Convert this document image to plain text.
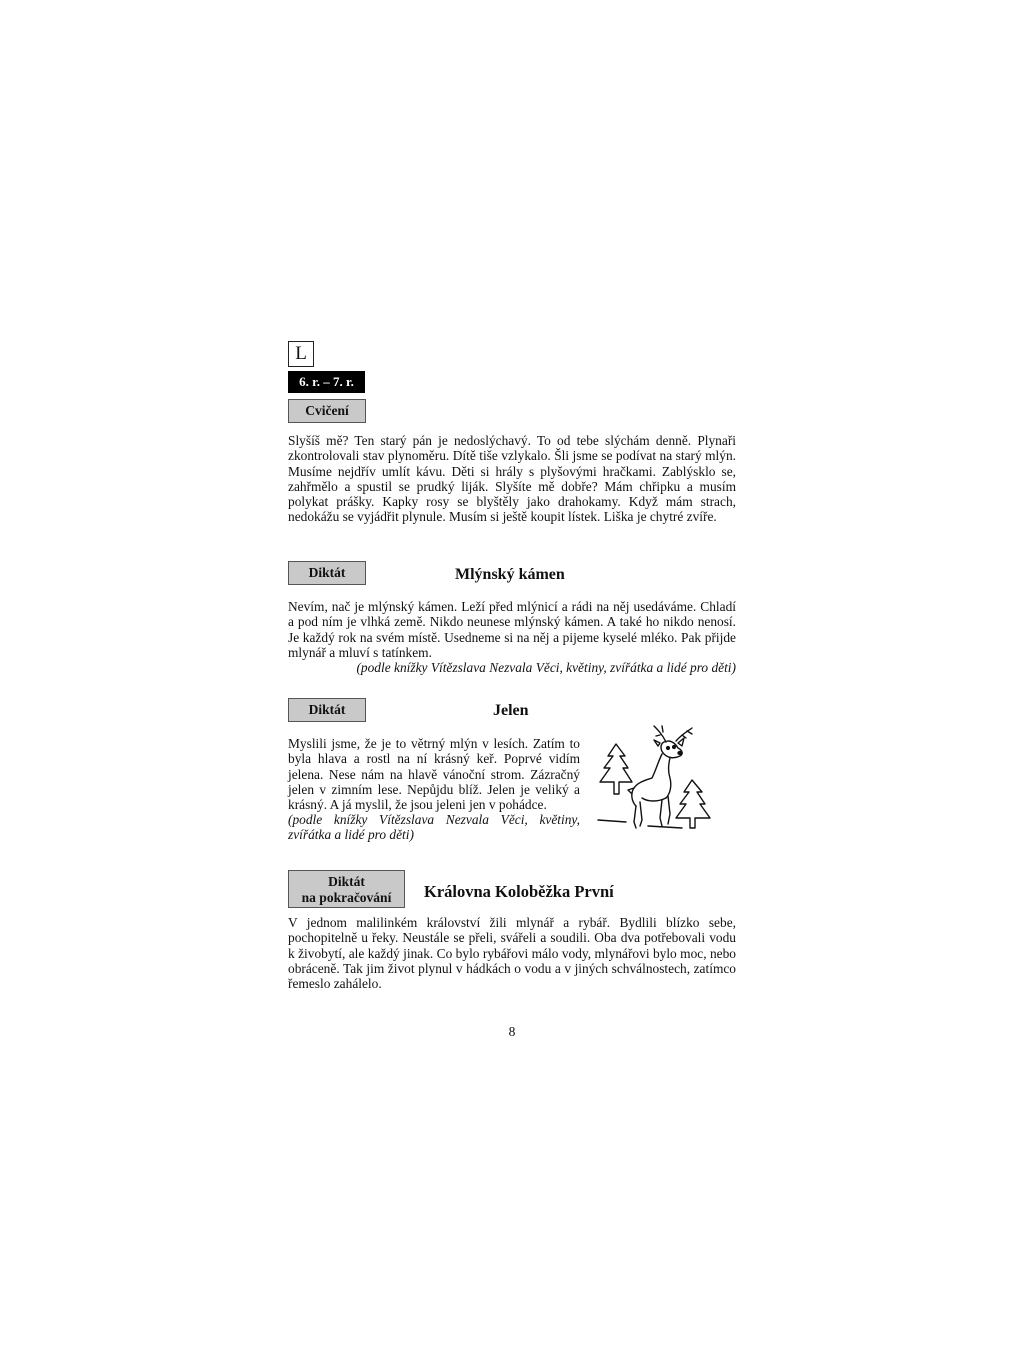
L
6. r. – 7. r.
Cvičení

Slyšíš mě? Ten starý pán je nedoslýchavý. To od tebe slýchám denně. Plynaři zkontrolovali stav plynoměru. Dítě tiše vzlykalo. Šli jsme se podívat na starý mlýn. Musíme nejdřív umlít kávu. Děti si hrály s plyšovými hračkami. Zablýsklo se, zahřmělo a spustil se prudký liják. Slyšíte mě dobře? Mám chřipku a musím polykat prášky. Kapky rosy se blyštěly jako drahokamy. Když mám strach, nedokážu se vyjádřit plynule. Musím si ještě koupit lístek. Liška je chytré zvíře.

Diktát	Mlýnský kámen

Nevím, nač je mlýnský kámen. Leží před mlýnicí a rádi na něj usedáváme. Chladí a pod ním je vlhká země. Nikdo neunese mlýnský kámen. A také ho nikdo nenosí. Je každý rok na svém místě. Usedneme si na něj a pijeme kyselé mléko. Pak přijde mlynář a mluví s tatínkem.

(podle knížky Vítězslava Nezvala Věci, květiny, zvířátka a lidé pro děti)

Diktát	Jelen

Myslili jsme, že je to větrný mlýn v lesích. Zatím to byla hlava a rostl na ní krásný keř. Poprvé vidím jelena. Nese nám na hlavě vánoční strom. Zázračný jelen v zimním lese. Nepůjdu blíž. Jelen je veliký a krásný. A já myslil, že jsou jeleni jen v pohádce.

(podle knížky Vítězslava Nezvala Věci, květiny, zvířátka a lidé pro děti)

Diktát
na pokračování	Královna Koloběžka První

V jednom malilinkém království žili mlynář a rybář. Bydlili blízko sebe, pochopitelně u řeky. Neustále se přeli, svářeli a soudili. Oba dva potřebovali vodu k živobytí, ale každý jinak. Co bylo rybářovi málo vody, mlynářovi bylo moc, nebo obráceně. Tak jim život plynul v hádkách o vodu a v jiných schválnostech, zatímco řemeslo zahálelo.

8
